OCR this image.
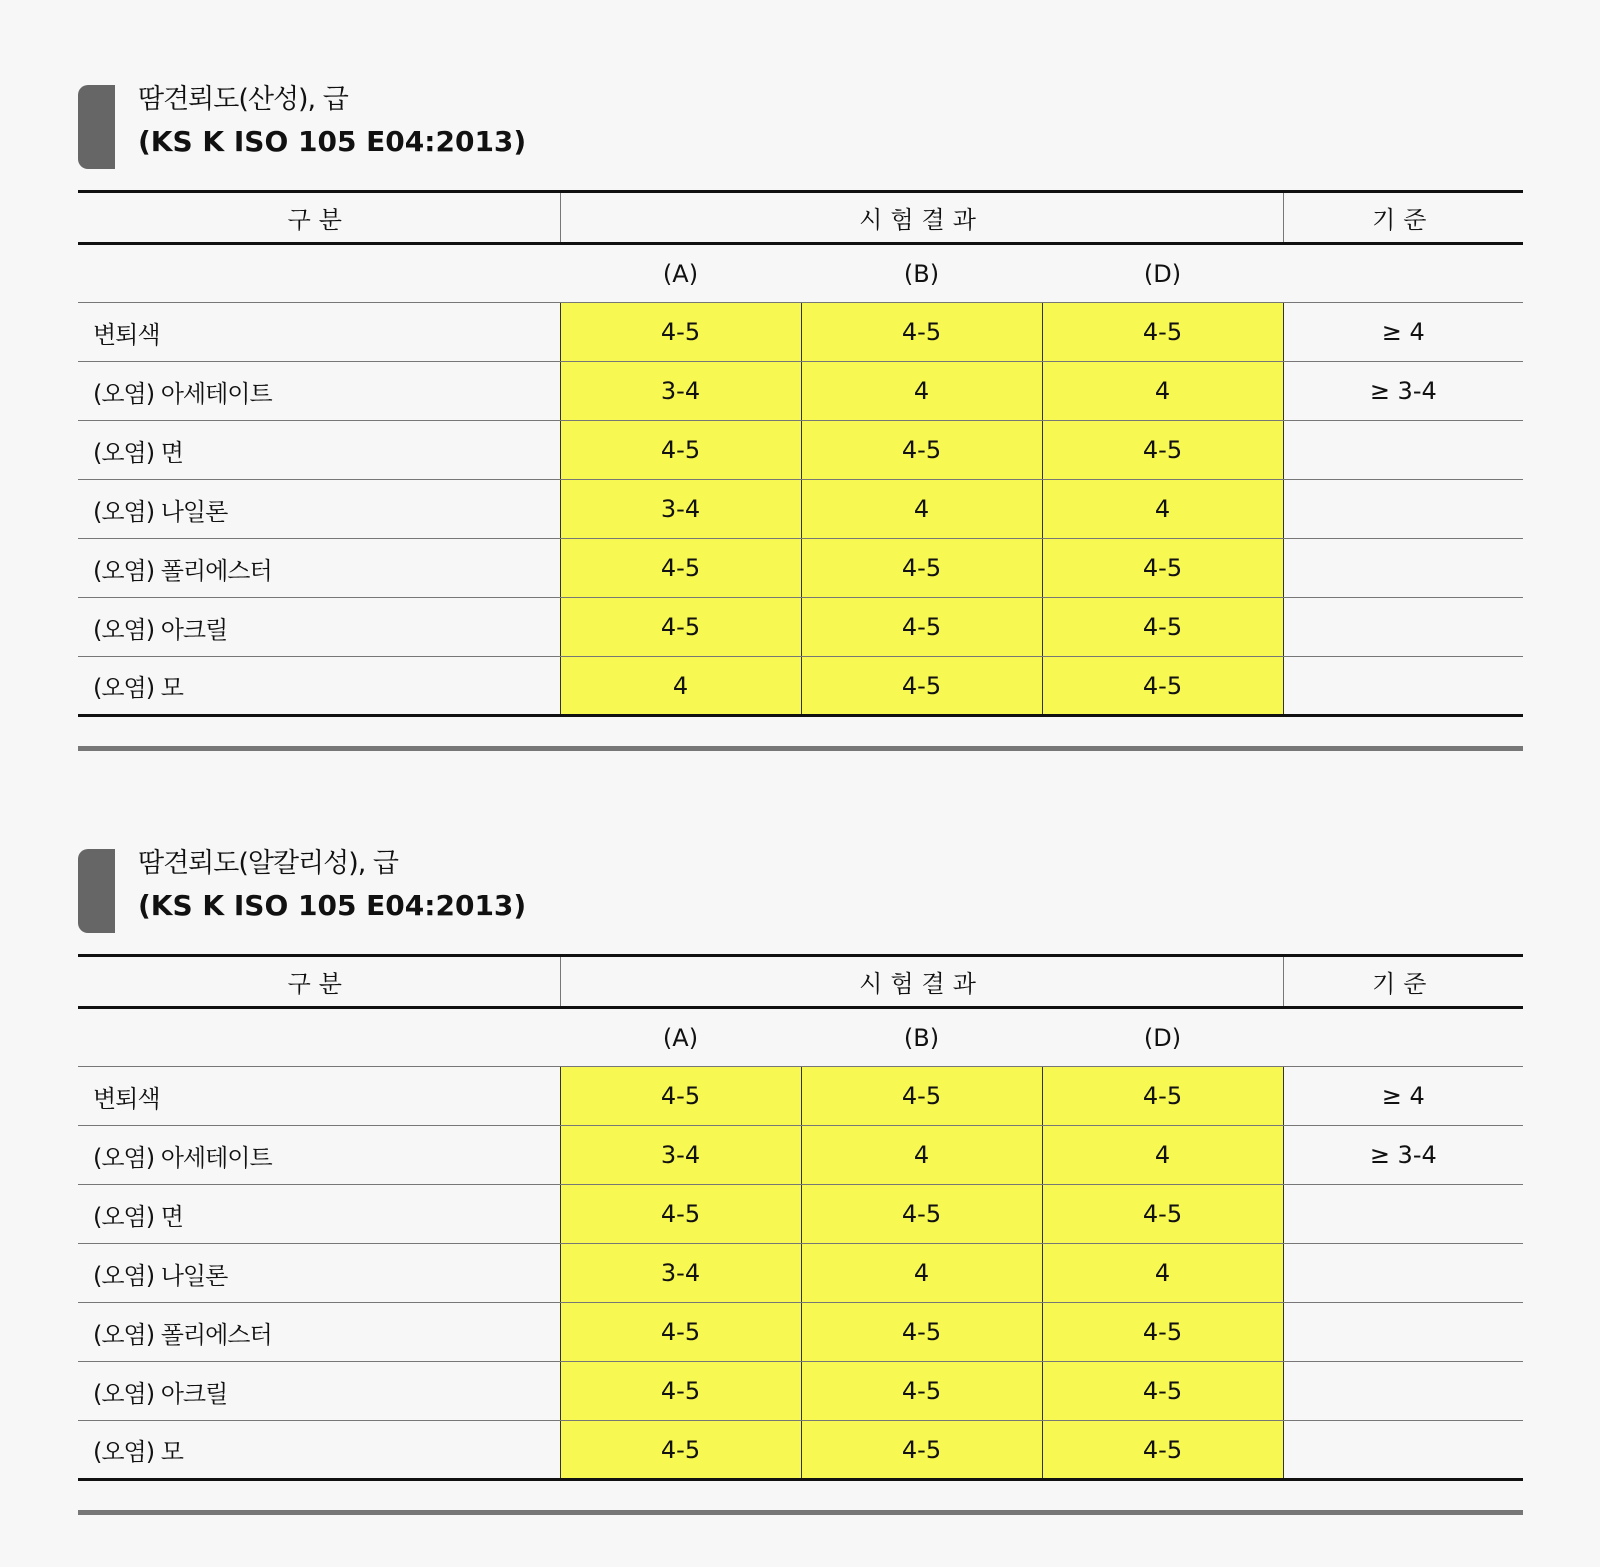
땀견뢰도(산성), 급
(KS K ISO 105 E04:2013)
구분	시험결과			기준
	(A)	(B)	(D)	
변퇴색	4-5	4-5	4-5	≥ 4
(오염) 아세테이트	3-4	4	4	≥ 3-4
(오염) 면	4-5	4-5	4-5	
(오염) 나일론	3-4	4	4	
(오염) 폴리에스터	4-5	4-5	4-5	
(오염) 아크릴	4-5	4-5	4-5	
(오염) 모	4	4-5	4-5	
땀견뢰도(알칼리성), 급
(KS K ISO 105 E04:2013)
구분	시험결과			기준
	(A)	(B)	(D)	
변퇴색	4-5	4-5	4-5	≥ 4
(오염) 아세테이트	3-4	4	4	≥ 3-4
(오염) 면	4-5	4-5	4-5	
(오염) 나일론	3-4	4	4	
(오염) 폴리에스터	4-5	4-5	4-5	
(오염) 아크릴	4-5	4-5	4-5	
(오염) 모	4-5	4-5	4-5	
